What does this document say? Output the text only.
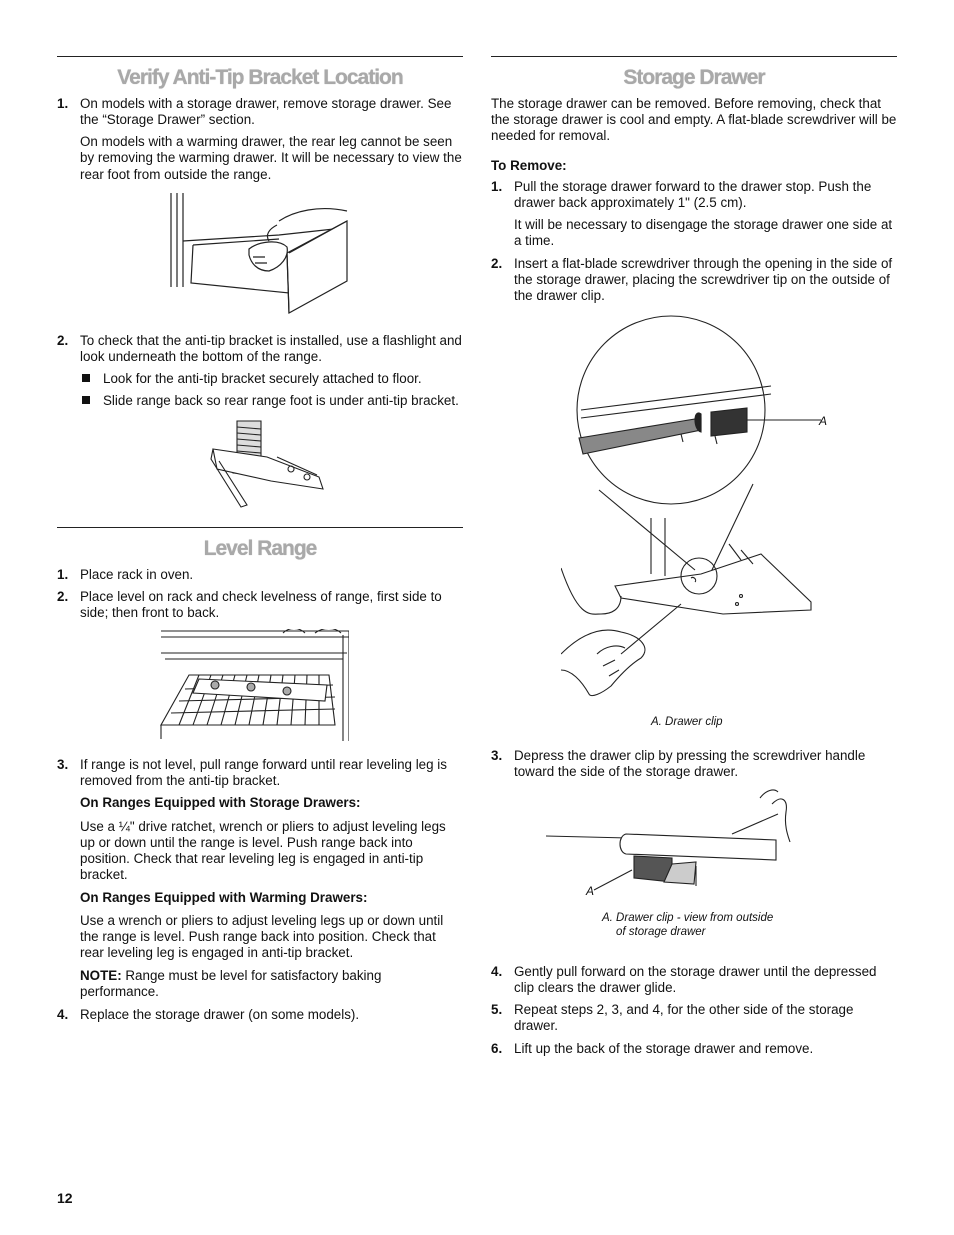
Verify Anti-Tip Bracket Location
1. On models with a storage drawer, remove storage drawer. See the “Storage Drawer” section.
On models with a warming drawer, the rear leg cannot be seen by removing the warming drawer. It will be necessary to view the rear foot from outside the range.
2. To check that the anti-tip bracket is installed, use a flashlight and look underneath the bottom of the range.
Look for the anti-tip bracket securely attached to floor.
Slide range back so rear range foot is under anti-tip bracket.
Level Range
1. Place rack in oven.
2. Place level on rack and check levelness of range, first side to side; then front to back.
3. If range is not level, pull range forward until rear leveling leg is removed from the anti-tip bracket.
On Ranges Equipped with Storage Drawers:
Use a ¼" drive ratchet, wrench or pliers to adjust leveling legs up or down until the range is level. Push range back into position. Check that rear leveling leg is engaged in anti-tip bracket.
On Ranges Equipped with Warming Drawers:
Use a wrench or pliers to adjust leveling legs up or down until the range is level. Push range back into position. Check that rear leveling leg is engaged in anti-tip bracket.
NOTE: Range must be level for satisfactory baking performance.
4. Replace the storage drawer (on some models).
Storage Drawer
The storage drawer can be removed. Before removing, check that the storage drawer is cool and empty. A flat-blade screwdriver will be needed for removal.
To Remove:
1. Pull the storage drawer forward to the drawer stop. Push the drawer back approximately 1" (2.5 cm).
It will be necessary to disengage the storage drawer one side at a time.
2. Insert a flat-blade screwdriver through the opening in the side of the storage drawer, placing the screwdriver tip on the outside of the drawer clip.
A
A. Drawer clip
3. Depress the drawer clip by pressing the screwdriver handle toward the side of the storage drawer.
A
A. Drawer clip - view from outside
of storage drawer
4. Gently pull forward on the storage drawer until the depressed clip clears the drawer glide.
5. Repeat steps 2, 3, and 4, for the other side of the storage drawer.
6. Lift up the back of the storage drawer and remove.
12
